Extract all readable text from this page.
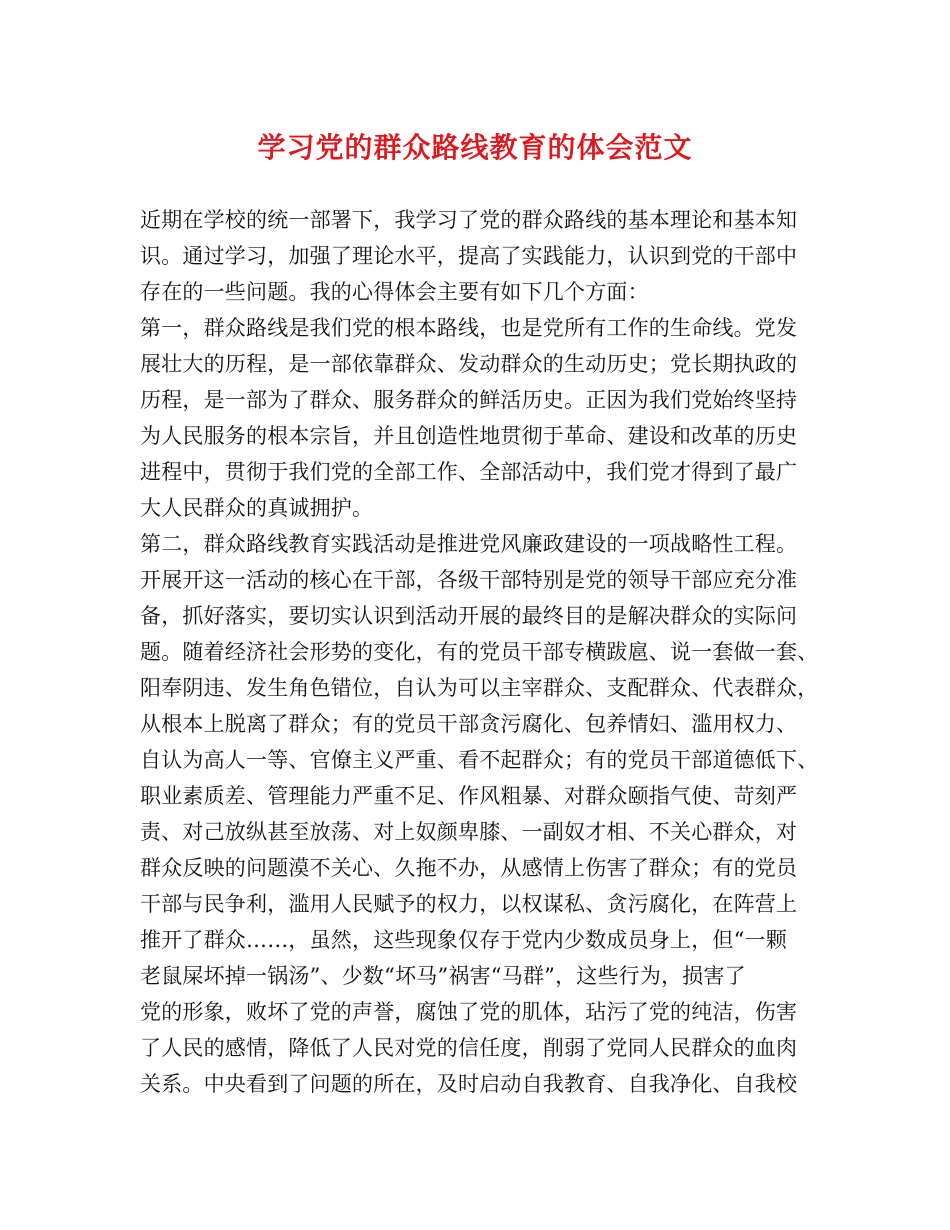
学习党的群众路线教育的体会范文
近期在学校的统一部署下，我学习了党的群众路线的基本理论和基本知
识。通过学习，加强了理论水平，提高了实践能力，认识到党的干部中
存在的一些问题。我的心得体会主要有如下几个方面：
第一，群众路线是我们党的根本路线，也是党所有工作的生命线。党发
展壮大的历程，是一部依靠群众、发动群众的生动历史；党长期执政的
历程，是一部为了群众、服务群众的鲜活历史。正因为我们党始终坚持
为人民服务的根本宗旨，并且创造性地贯彻于革命、建设和改革的历史
进程中，贯彻于我们党的全部工作、全部活动中，我们党才得到了最广
大人民群众的真诚拥护。
第二，群众路线教育实践活动是推进党风廉政建设的一项战略性工程。
开展开这一活动的核心在干部，各级干部特别是党的领导干部应充分准
备，抓好落实，要切实认识到活动开展的最终目的是解决群众的实际问
题。随着经济社会形势的变化，有的党员干部专横跋扈、说一套做一套、
阳奉阴违、发生角色错位，自认为可以主宰群众、支配群众、代表群众，
从根本上脱离了群众；有的党员干部贪污腐化、包养情妇、滥用权力、
自认为高人一等、官僚主义严重、看不起群众；有的党员干部道德低下、
职业素质差、管理能力严重不足、作风粗暴、对群众颐指气使、苛刻严
责、对己放纵甚至放荡、对上奴颜卑膝、一副奴才相、不关心群众，对
群众反映的问题漠不关心、久拖不办，从感情上伤害了群众；有的党员
干部与民争利，滥用人民赋予的权力，以权谋私、贪污腐化，在阵营上
推开了群众……，虽然，这些现象仅存于党内少数成员身上，但“一颗
老鼠屎坏掉一锅汤”、少数“坏马”祸害“马群”，这些行为，损害了
党的形象，败坏了党的声誉，腐蚀了党的肌体，玷污了党的纯洁，伤害
了人民的感情，降低了人民对党的信任度，削弱了党同人民群众的血肉
关系。中央看到了问题的所在，及时启动自我教育、自我净化、自我校
